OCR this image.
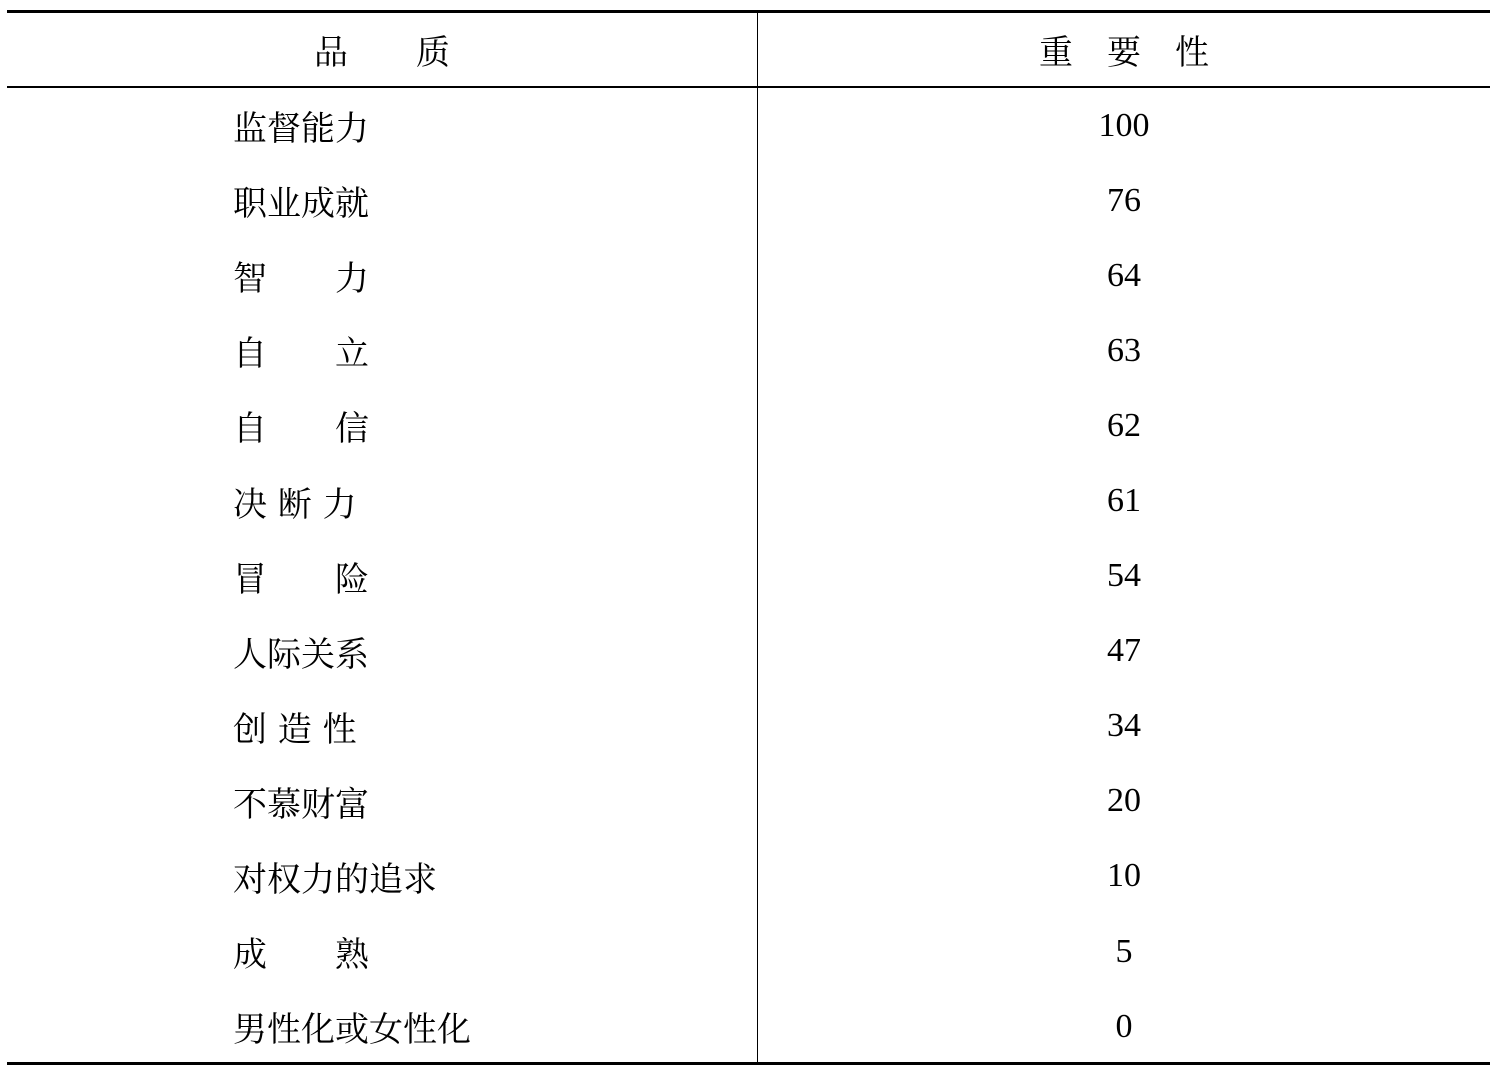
品　　质	重　要　性
监督能力	100
职业成就	76
智　　力	64
自　　立	63
自　　信	62
决 断 力	61
冒　　险	54
人际关系	47
创 造 性	34
不慕财富	20
对权力的追求	10
成　　熟	5
男性化或女性化	0
